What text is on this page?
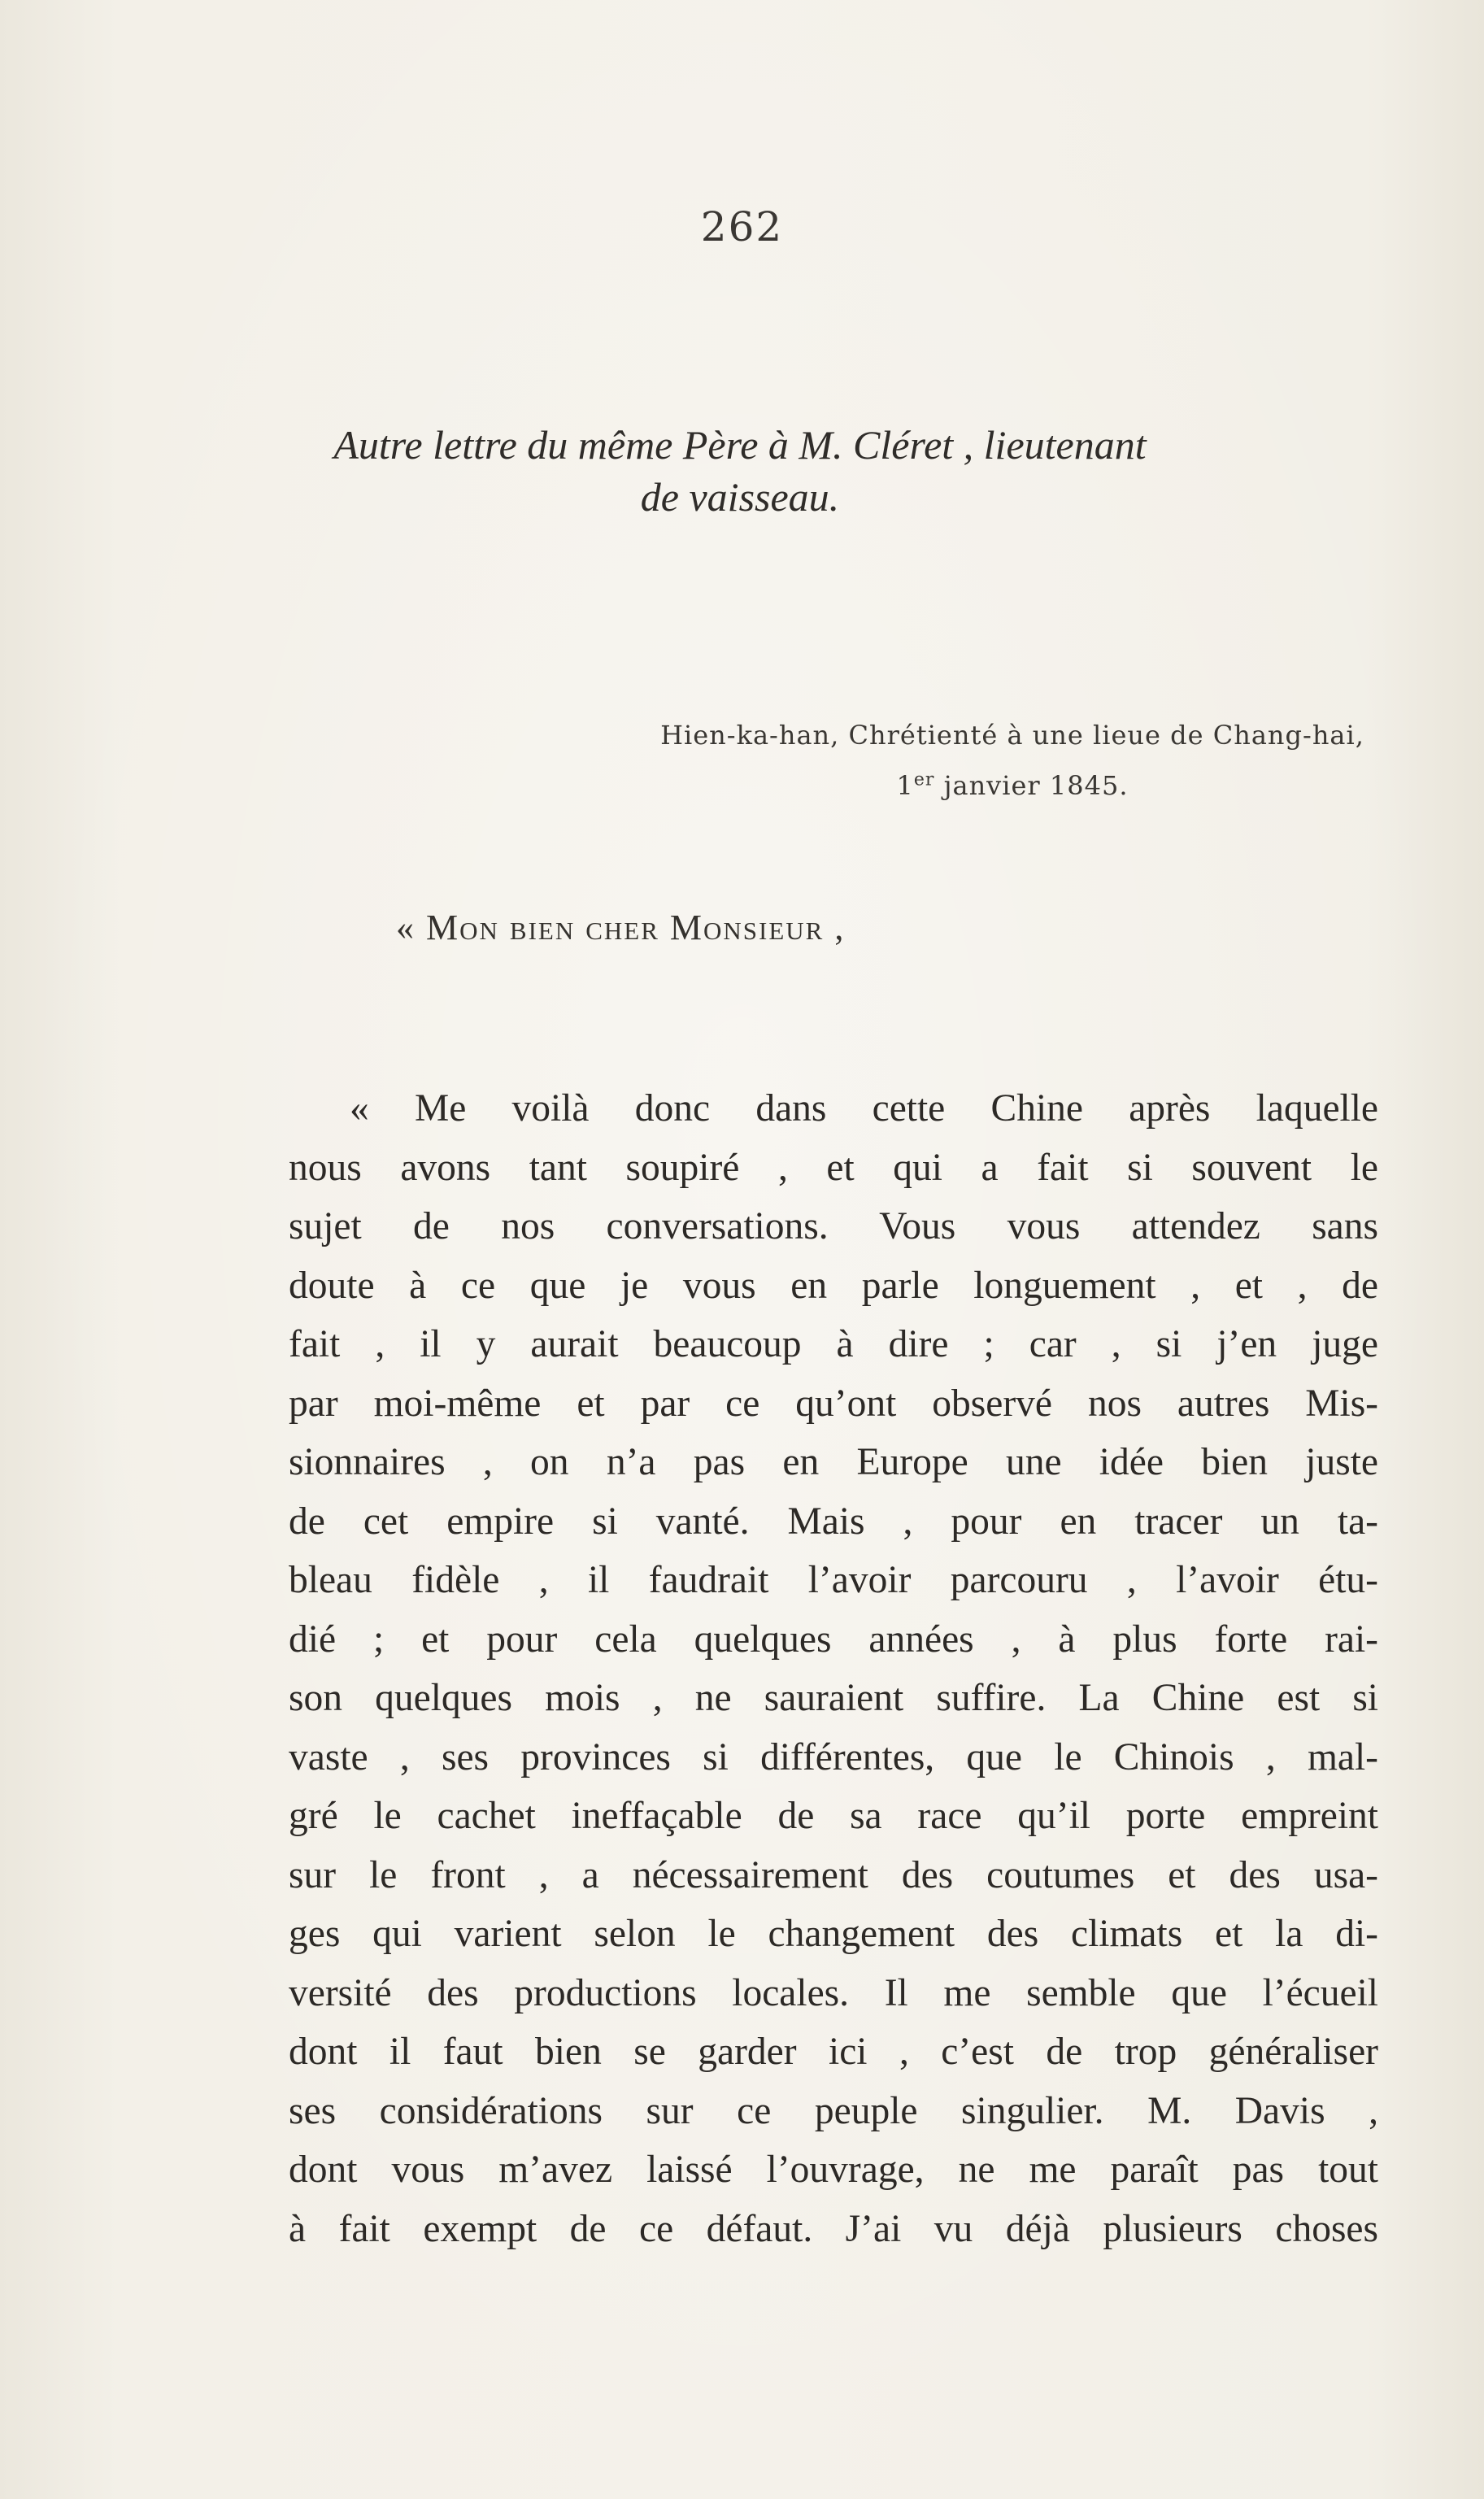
262
Autre lettre du même Père à M. Cléret , lieutenant
de vaisseau.
Hien-ka-han, Chrétienté à une lieue de Chang-hai,
1er janvier 1845.
« Mon bien cher Monsieur ,
« Me voilà donc dans cette Chine après laquelle
nous avons tant soupiré , et qui a fait si souvent le
sujet de nos conversations. Vous vous attendez sans
doute à ce que je vous en parle longuement , et , de
fait , il y aurait beaucoup à dire ; car , si j’en juge
par moi-même et par ce qu’ont observé nos autres Mis-
sionnaires , on n’a pas en Europe une idée bien juste
de cet empire si vanté. Mais , pour en tracer un ta-
bleau fidèle , il faudrait l’avoir parcouru , l’avoir étu-
dié ; et pour cela quelques années , à plus forte rai-
son quelques mois , ne sauraient suffire. La Chine est si
vaste , ses provinces si différentes, que le Chinois , mal-
gré le cachet ineffaçable de sa race qu’il porte empreint
sur le front , a nécessairement des coutumes et des usa-
ges qui varient selon le changement des climats et la di-
versité des productions locales. Il me semble que l’écueil
dont il faut bien se garder ici , c’est de trop généraliser
ses considérations sur ce peuple singulier. M. Davis ,
dont vous m’avez laissé l’ouvrage, ne me paraît pas tout
à fait exempt de ce défaut. J’ai vu déjà plusieurs choses
